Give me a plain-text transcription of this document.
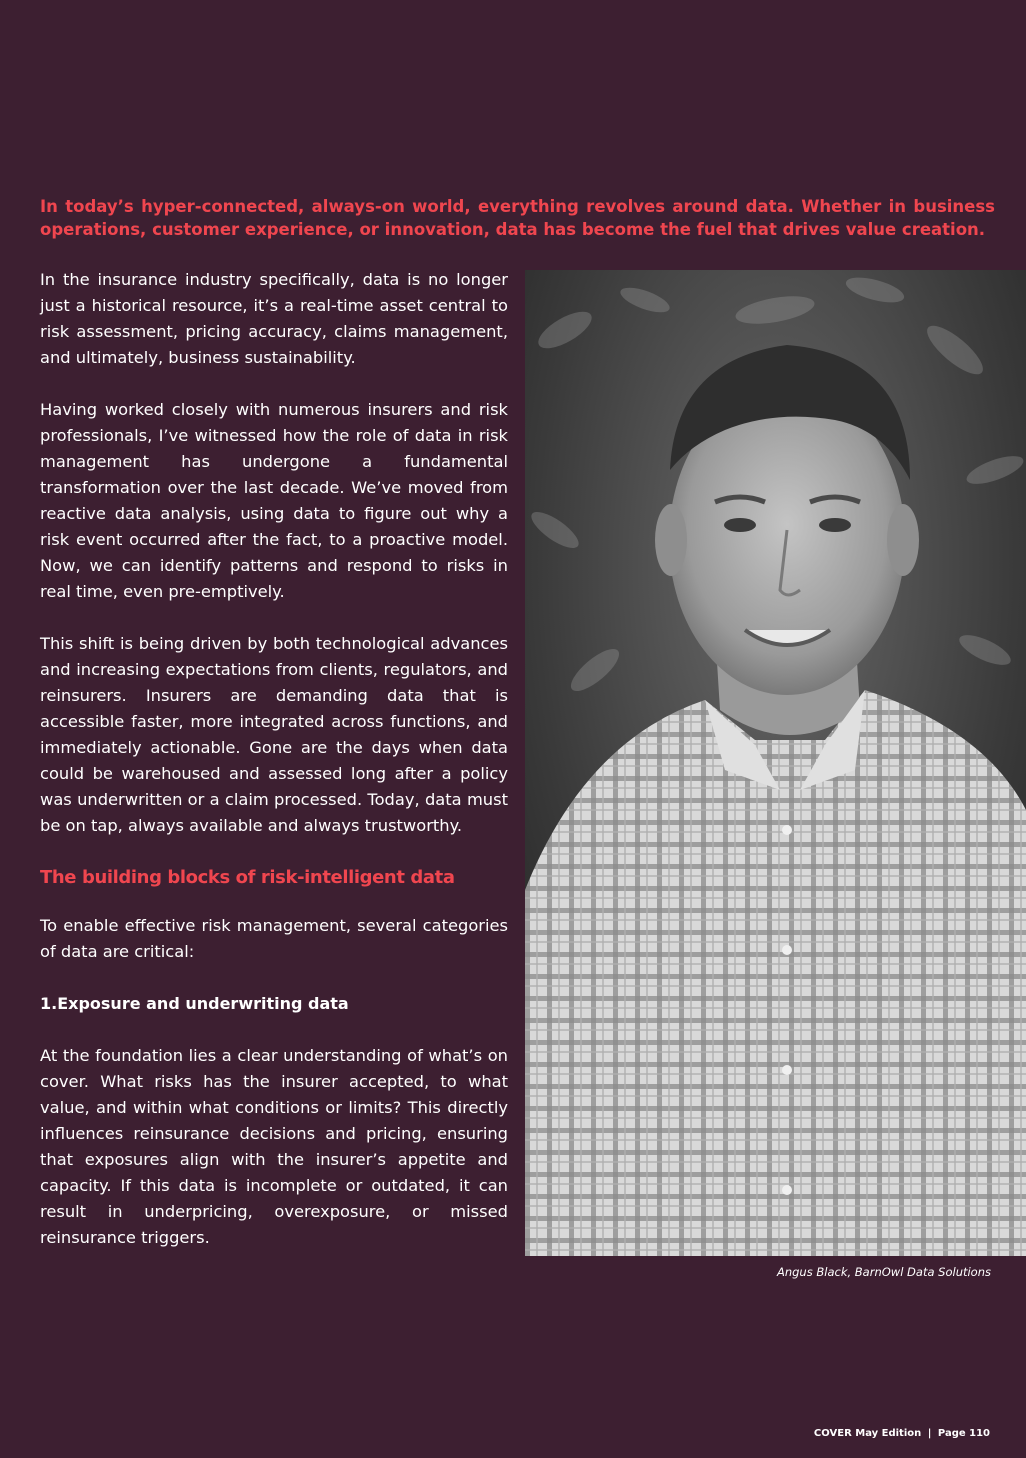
In today’s hyper-connected, always-on world, everything revolves around data. Whether in business operations, customer experience, or innovation, data has become the fuel that drives value creation.

In the insurance industry specifically, data is no longer just a historical resource, it’s a real-time asset central to risk assessment, pricing accuracy, claims management, and ultimately, business sustainability.

Having worked closely with numerous insurers and risk professionals, I’ve witnessed how the role of data in risk management has undergone a fundamental transformation over the last decade. We’ve moved from reactive data analysis, using data to figure out why a risk event occurred after the fact, to a proactive model. Now, we can identify patterns and respond to risks in real time, even pre-emptively.

This shift is being driven by both technological advances and increasing expectations from clients, regulators, and reinsurers. Insurers are demanding data that is accessible faster, more integrated across functions, and immediately actionable. Gone are the days when data could be warehoused and assessed long after a policy was underwritten or a claim processed. Today, data must be on tap, always available and always trustworthy.

The building blocks of risk-intelligent data

To enable effective risk management, several categories of data are critical:

1.Exposure and underwriting data

At the foundation lies a clear understanding of what’s on cover. What risks has the insurer accepted, to what value, and within what conditions or limits? This directly influences reinsurance decisions and pricing, ensuring that exposures align with the insurer’s appetite and capacity. If this data is incomplete or outdated, it can result in underpricing, overexposure, or missed reinsurance triggers.

Angus Black, BarnOwl Data Solutions
COVER May Edition | Page 110
